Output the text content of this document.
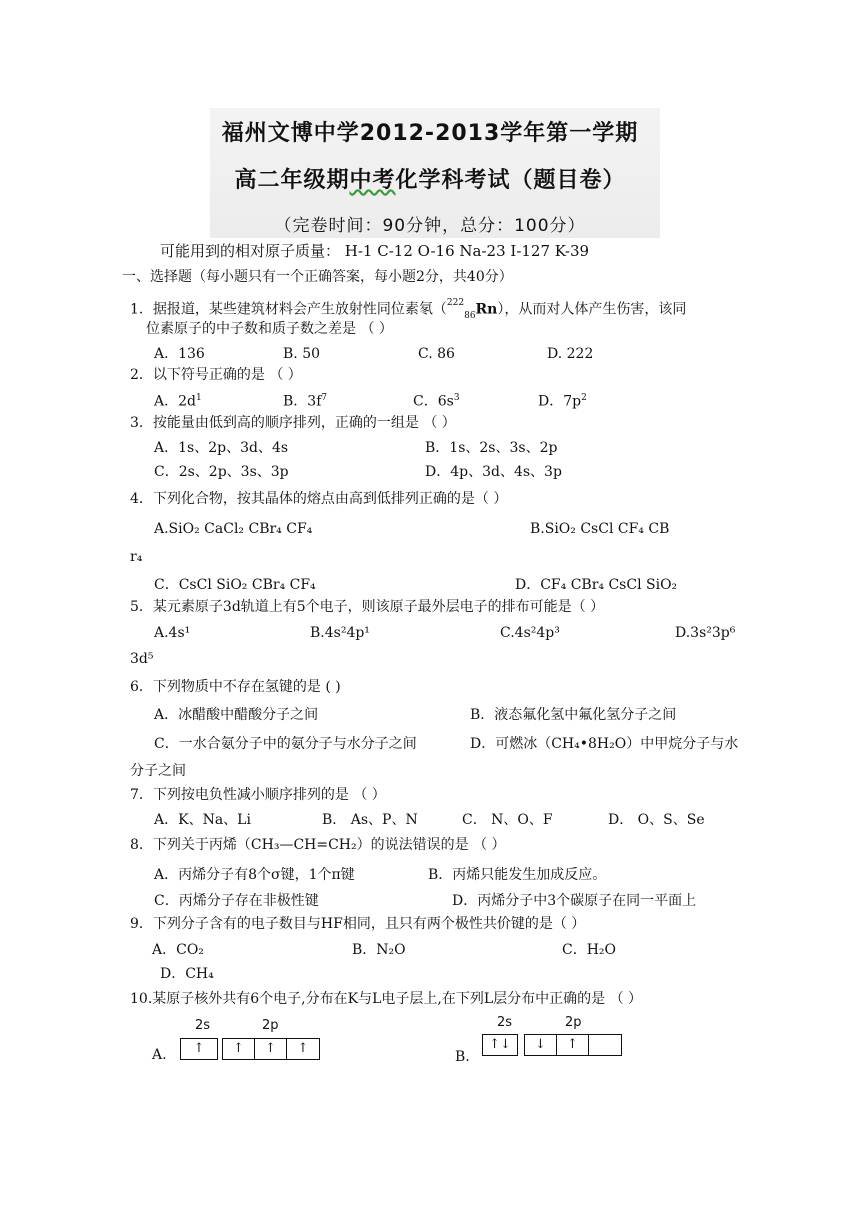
福州文博中学2012-2013学年第一学期
高二年级期中考化学科考试（题目卷）
（完卷时间：90分钟，总分：100分）
可能用到的相对原子质量： H-1 C-12 O-16 Na-23 I-127 K-39
一、选择题（每小题只有一个正确答案，每小题2分，共40分）
1．据报道，某些建筑材料会产生放射性同位素氡（$^{222}_{86}$Rn），从而对人体产生伤害，该同
位素原子的中子数和质子数之差是 （ ）
A．136	B. 50	C. 86	D. 222
2．以下符号正确的是 （ ）
A．$2d^1$	B．$3f^7$	C．$6s^3$	D．$7p^2$
3．按能量由低到高的顺序排列，正确的一组是 （ ）
A．1s、2p、3d、4s	B．1s、2s、3s、2p
C．2s、2p、3s、3p	D．4p、3d、4s、3p
4．下列化合物，按其晶体的熔点由高到低排列正确的是（ ）
A.SiO₂ CaCl₂ CBr₄ CF₄	B.SiO₂ CsCl CF₄ CB
r₄
C．CsCl SiO₂ CBr₄ CF₄	D．CF₄ CBr₄ CsCl SiO₂
5．某元素原子3d轨道上有5个电子，则该原子最外层电子的排布可能是（ ）
A.4s¹	B.4s²4p¹	C.4s²4p³	D.3s²3p⁶
3d⁵
6．下列物质中不存在氢键的是 ( )
A．冰醋酸中醋酸分子之间	B．液态氟化氢中氟化氢分子之间
C．一水合氨分子中的氨分子与水分子之间	D．可燃冰（CH₄•8H₂O）中甲烷分子与水
分子之间
7．下列按电负性减小顺序排列的是 （ ）
A．K、Na、Li	B． As、P、N	C． N、O、F	D． O、S、Se
8．下列关于丙烯（CH₃—CH=CH₂）的说法错误的是 （ ）
A．丙烯分子有8个σ键，1个π键	B．丙烯只能发生加成反应。
C．丙烯分子存在非极性键	D．丙烯分子中3个碳原子在同一平面上
9．下列分子含有的电子数目与HF相同，且只有两个极性共价键的是（ ）
A．CO₂	B．N₂O	C．H₂O
D．CH₄
10.某原子核外共有6个电子,分布在K与L电子层上,在下列L层分布中正确的是 （ ）
A.
2s	2p
↑	↑	↑	↑
B.
2s	2p
↑↓	↓	↑
